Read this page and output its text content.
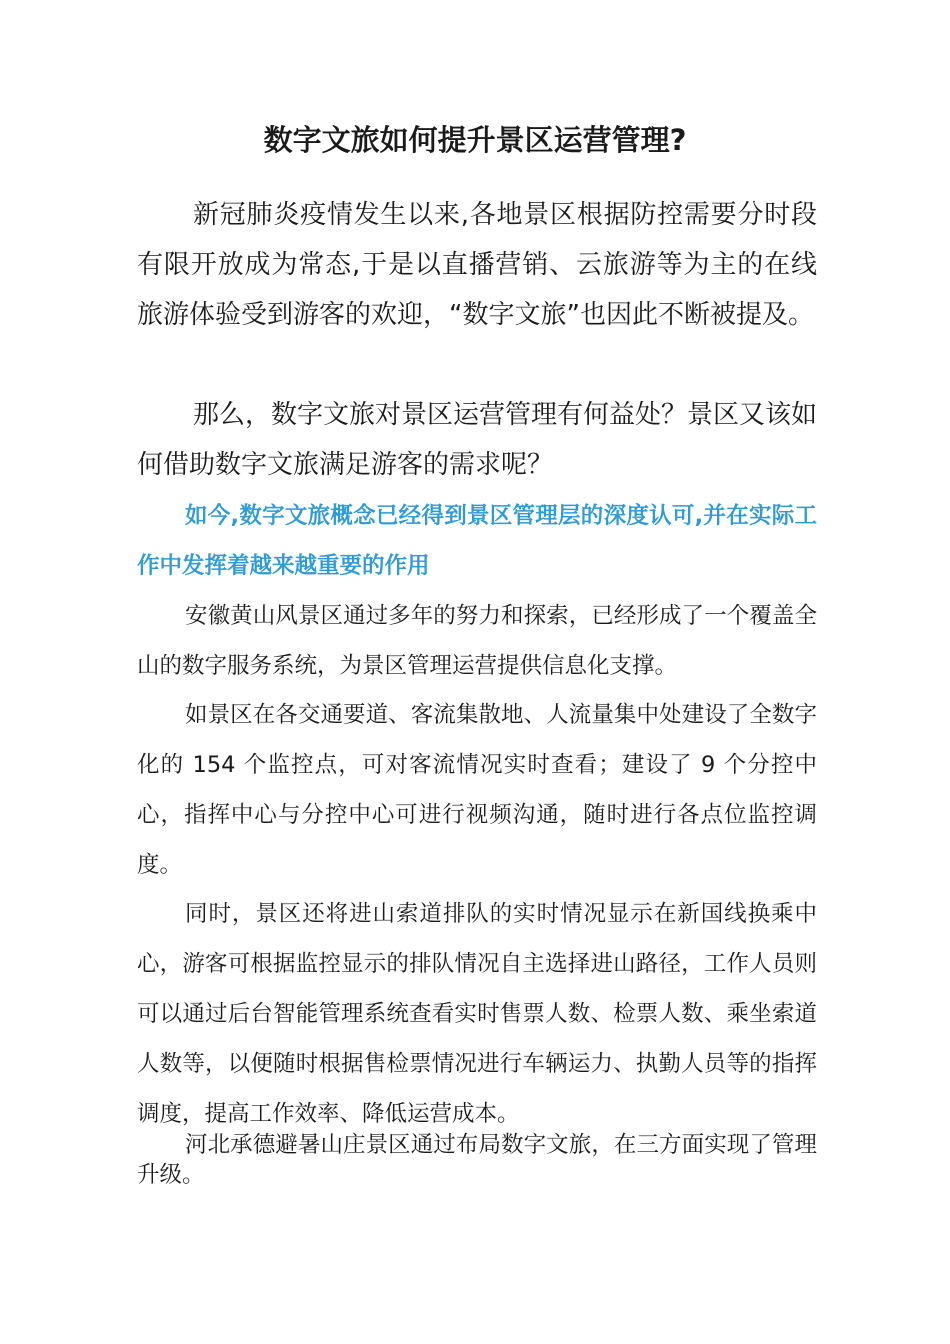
数字文旅如何提升景区运营管理?

新冠肺炎疫情发生以来,各地景区根据防控需要分时段有限开放成为常态,于是以直播营销、云旅游等为主的在线旅游体验受到游客的欢迎，“数字文旅”也因此不断被提及。

那么，数字文旅对景区运营管理有何益处？景区又该如何借助数字文旅满足游客的需求呢？

如今,数字文旅概念已经得到景区管理层的深度认可,并在实际工作中发挥着越来越重要的作用

安徽黄山风景区通过多年的努力和探索，已经形成了一个覆盖全山的数字服务系统，为景区管理运营提供信息化支撑。

如景区在各交通要道、客流集散地、人流量集中处建设了全数字化的 154 个监控点，可对客流情况实时查看；建设了 9 个分控中心，指挥中心与分控中心可进行视频沟通，随时进行各点位监控调度。

同时，景区还将进山索道排队的实时情况显示在新国线换乘中心，游客可根据监控显示的排队情况自主选择进山路径，工作人员则可以通过后台智能管理系统查看实时售票人数、检票人数、乘坐索道人数等，以便随时根据售检票情况进行车辆运力、执勤人员等的指挥调度，提高工作效率、降低运营成本。

河北承德避暑山庄景区通过布局数字文旅，在三方面实现了管理升级。
